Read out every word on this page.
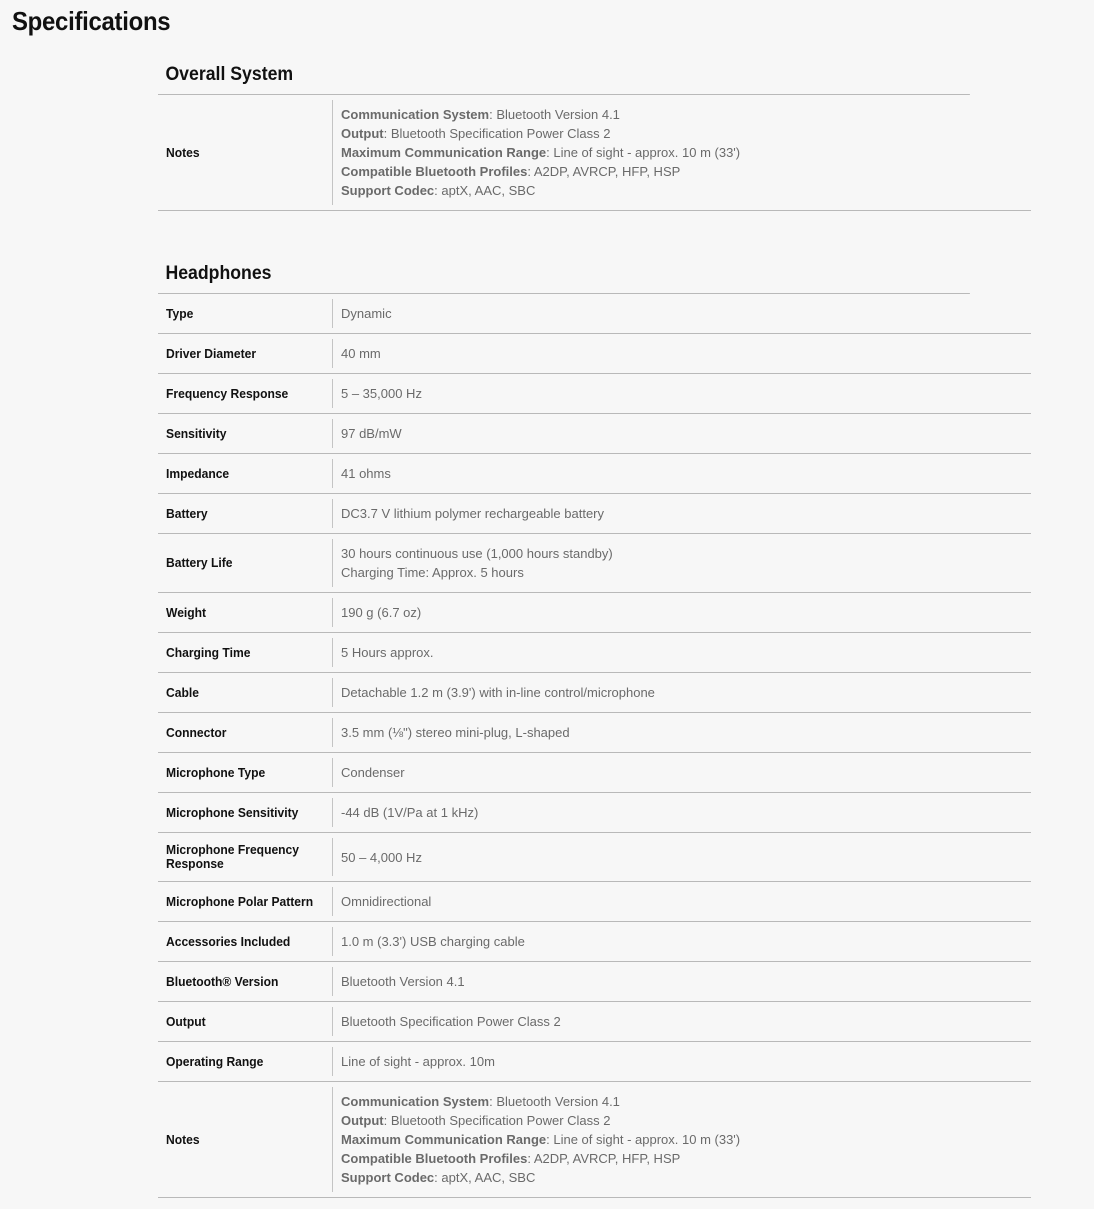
Specifications
Overall System
Notes	
Communication System: Bluetooth Version 4.1
Output: Bluetooth Specification Power Class 2
Maximum Communication Range: Line of sight - approx. 10 m (33')
Compatible Bluetooth Profiles: A2DP, AVRCP, HFP, HSP
Support Codec: aptX, AAC, SBC
Headphones
Type	Dynamic
Driver Diameter	40 mm
Frequency Response	5 – 35,000 Hz
Sensitivity	97 dB/mW
Impedance	41 ohms
Battery	DC3.7 V lithium polymer rechargeable battery
Battery Life	30 hours continuous use (1,000 hours standby)
Charging Time: Approx. 5 hours

Weight	190 g (6.7 oz)
Charging Time	5 Hours approx.
Cable	Detachable 1.2 m (3.9') with in-line control/microphone
Connector	3.5 mm (⅛") stereo mini-plug, L-shaped
Microphone Type	Condenser
Microphone Sensitivity	-44 dB (1V/Pa at 1 kHz)
Microphone Frequency Response	50 – 4,000 Hz
Microphone Polar Pattern	Omnidirectional
Accessories Included	1.0 m (3.3') USB charging cable
Bluetooth® Version	Bluetooth Version 4.1
Output	Bluetooth Specification Power Class 2
Operating Range	Line of sight - approx. 10m
Notes	Communication System: Bluetooth Version 4.1
Output: Bluetooth Specification Power Class 2
Maximum Communication Range: Line of sight - approx. 10 m (33')
Compatible Bluetooth Profiles: A2DP, AVRCP, HFP, HSP
Support Codec: aptX, AAC, SBC
